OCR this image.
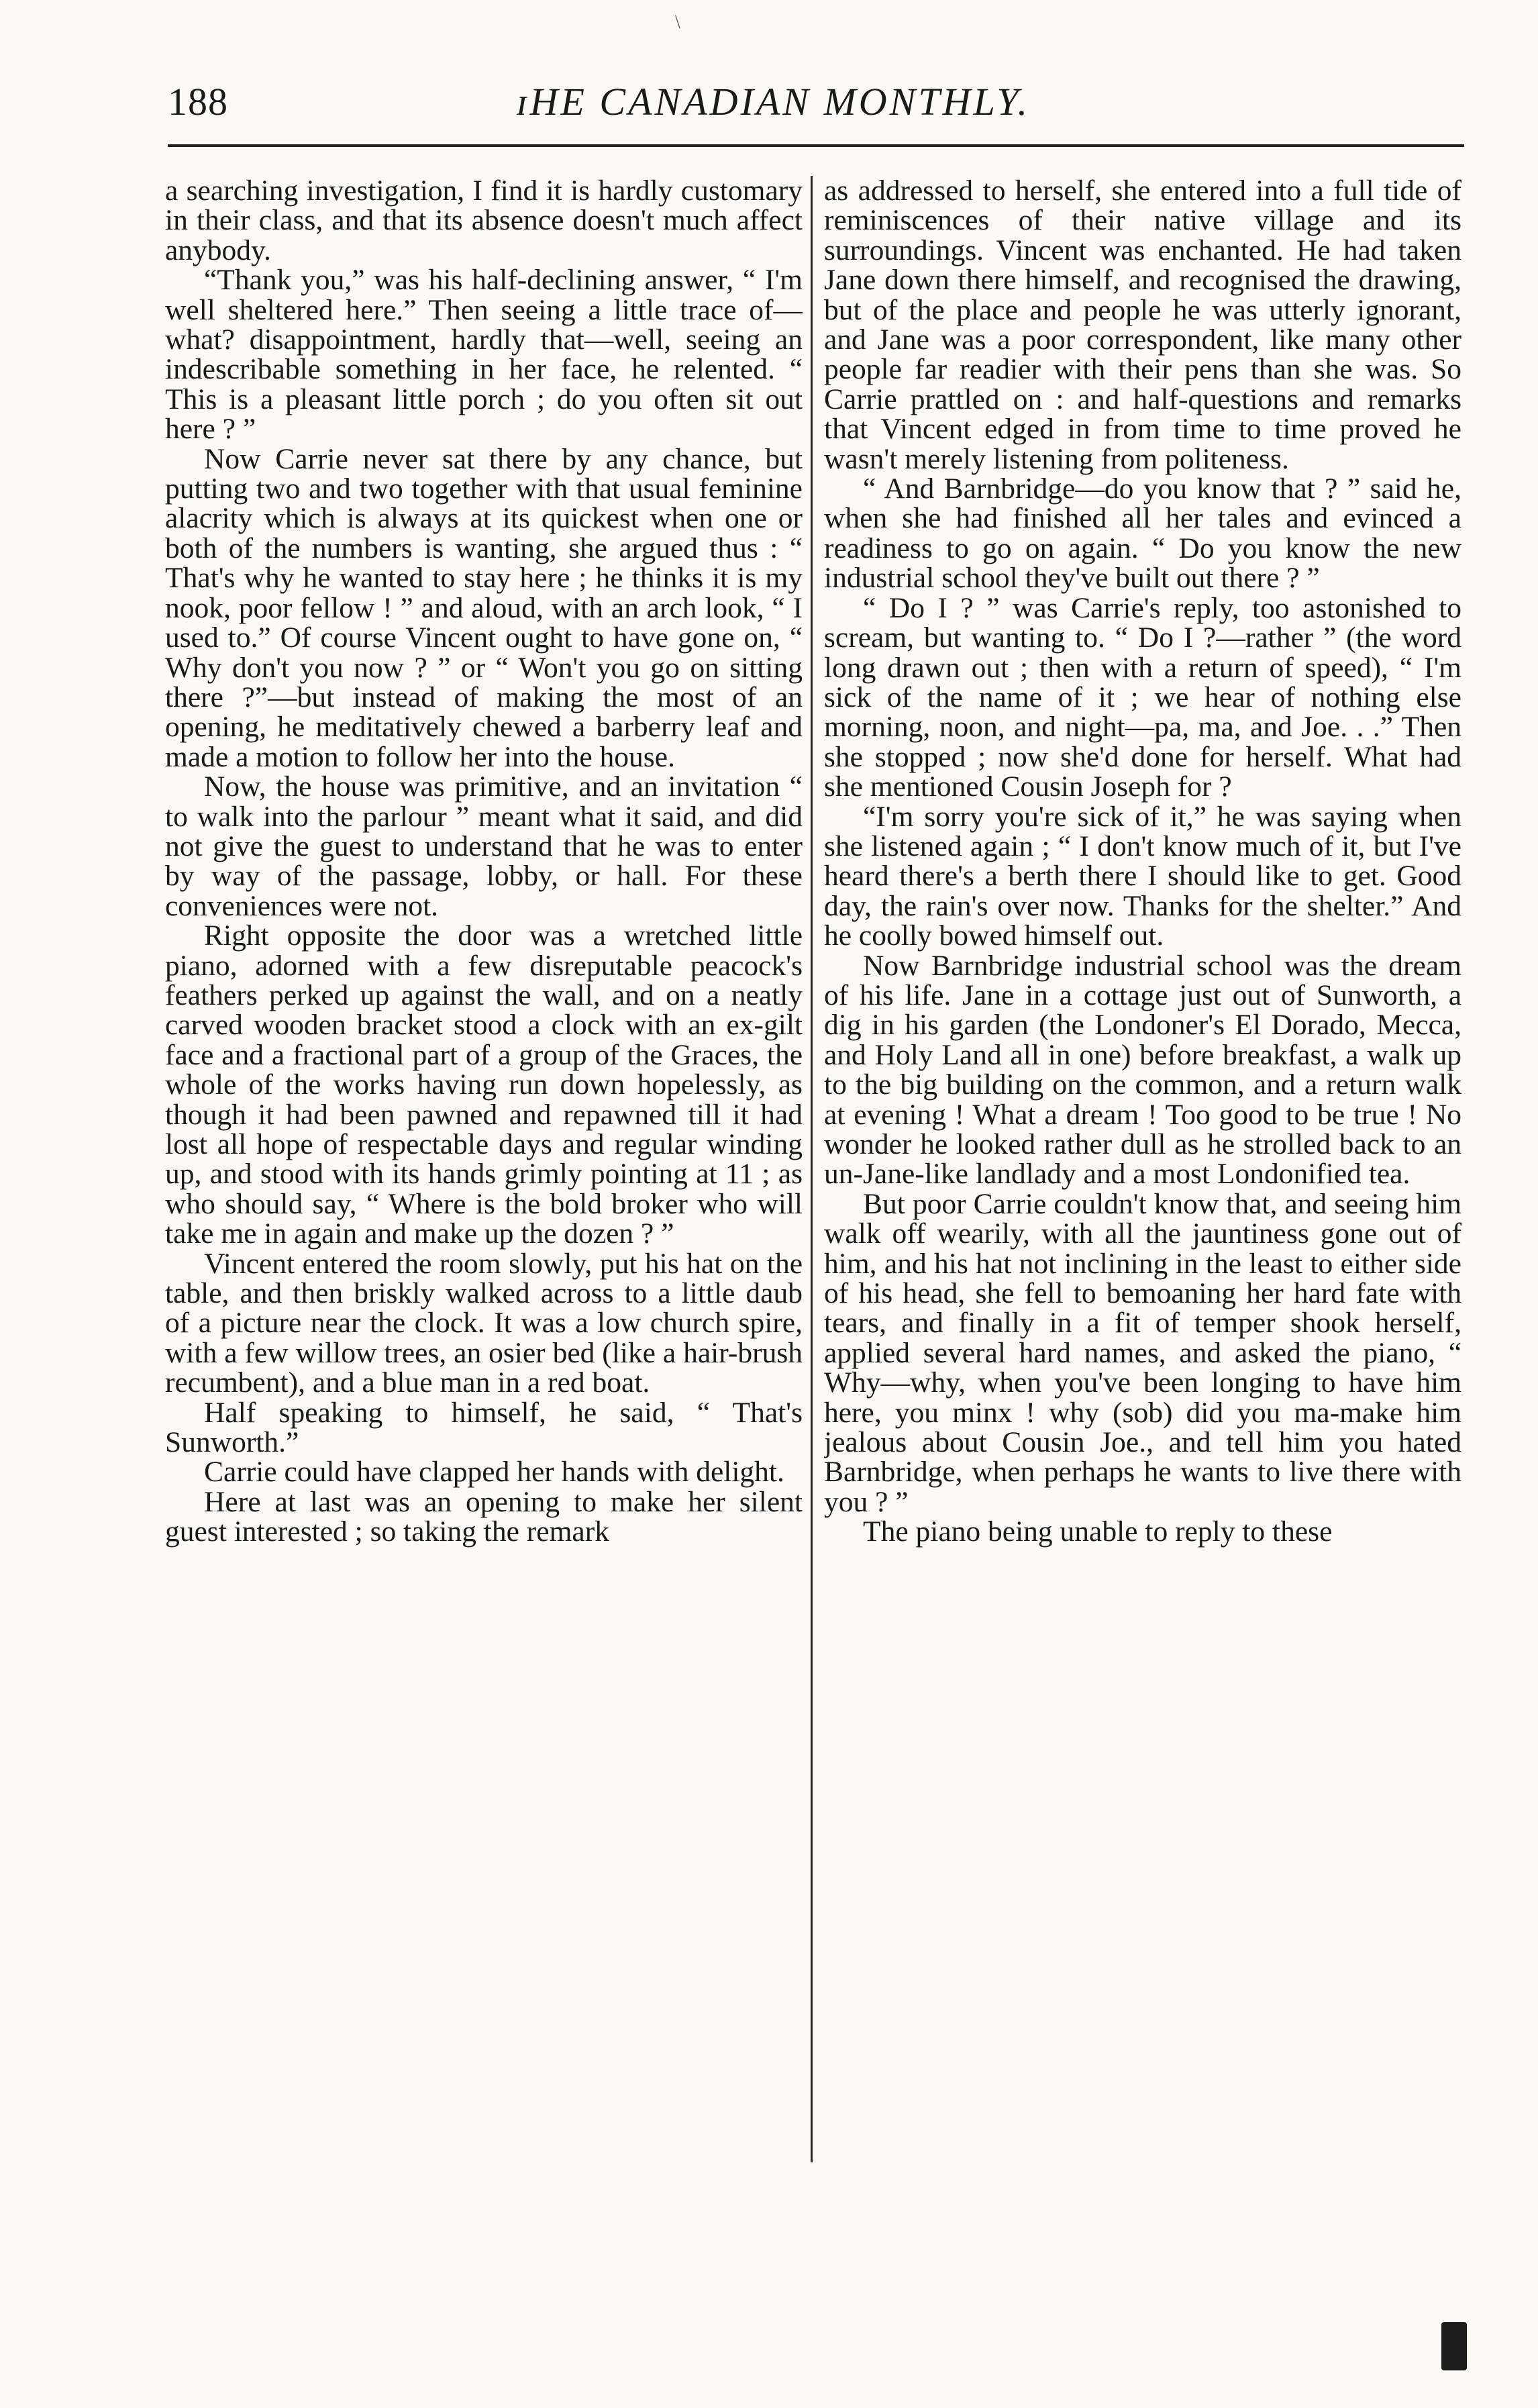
\
188	ɪHE CANADIAN MONTHLY.

a searching investigation, I find it is hardly customary in their class, and that its absence doesn't much affect anybody.

“Thank you,” was his half-declining answer, “ I'm well sheltered here.” Then seeing a little trace of—what? disappointment, hardly that—well, seeing an indescribable something in her face, he relented. “ This is a pleasant little porch ; do you often sit out here ? ”

Now Carrie never sat there by any chance, but putting two and two together with that usual feminine alacrity which is always at its quickest when one or both of the numbers is wanting, she argued thus : “ That's why he wanted to stay here ; he thinks it is my nook, poor fellow ! ” and aloud, with an arch look, “ I used to.” Of course Vincent ought to have gone on, “ Why don't you now ? ” or “ Won't you go on sitting there ?”—but instead of making the most of an opening, he meditatively chewed a barberry leaf and made a motion to follow her into the house.

Now, the house was primitive, and an invitation “ to walk into the parlour ” meant what it said, and did not give the guest to understand that he was to enter by way of the passage, lobby, or hall. For these conveniences were not.

Right opposite the door was a wretched little piano, adorned with a few disreputable peacock's feathers perked up against the wall, and on a neatly carved wooden bracket stood a clock with an ex-gilt face and a fractional part of a group of the Graces, the whole of the works having run down hopelessly, as though it had been pawned and repawned till it had lost all hope of respectable days and regular winding up, and stood with its hands grimly pointing at 11 ; as who should say, “ Where is the bold broker who will take me in again and make up the dozen ? ”

Vincent entered the room slowly, put his hat on the table, and then briskly walked across to a little daub of a picture near the clock. It was a low church spire, with a few willow trees, an osier bed (like a hair-brush recumbent), and a blue man in a red boat.

Half speaking to himself, he said, “ That's Sunworth.”

Carrie could have clapped her hands with delight.

Here at last was an opening to make her silent guest interested ; so taking the remark

as addressed to herself, she entered into a full tide of reminiscences of their native village and its surroundings. Vincent was enchanted. He had taken Jane down there himself, and recognised the drawing, but of the place and people he was utterly ignorant, and Jane was a poor correspondent, like many other people far readier with their pens than she was. So Carrie prattled on : and half-questions and remarks that Vincent edged in from time to time proved he wasn't merely listening from politeness.

“ And Barnbridge—do you know that ? ” said he, when she had finished all her tales and evinced a readiness to go on again. “ Do you know the new industrial school they've built out there ? ”

“ Do I ? ” was Carrie's reply, too astonished to scream, but wanting to. “ Do I ?—rather ” (the word long drawn out ; then with a return of speed), “ I'm sick of the name of it ; we hear of nothing else morning, noon, and night—pa, ma, and Joe. . .” Then she stopped ; now she'd done for herself. What had she mentioned Cousin Joseph for ?

“I'm sorry you're sick of it,” he was saying when she listened again ; “ I don't know much of it, but I've heard there's a berth there I should like to get. Good day, the rain's over now. Thanks for the shelter.” And he coolly bowed himself out.

Now Barnbridge industrial school was the dream of his life. Jane in a cottage just out of Sunworth, a dig in his garden (the Londoner's El Dorado, Mecca, and Holy Land all in one) before breakfast, a walk up to the big building on the common, and a return walk at evening ! What a dream ! Too good to be true ! No wonder he looked rather dull as he strolled back to an un-Jane-like landlady and a most Londonified tea.

But poor Carrie couldn't know that, and seeing him walk off wearily, with all the jauntiness gone out of him, and his hat not inclining in the least to either side of his head, she fell to bemoaning her hard fate with tears, and finally in a fit of temper shook herself, applied several hard names, and asked the piano, “ Why—why, when you've been longing to have him here, you minx ! why (sob) did you ma-make him jealous about Cousin Joe., and tell him you hated Barnbridge, when perhaps he wants to live there with you ? ”

The piano being unable to reply to these
